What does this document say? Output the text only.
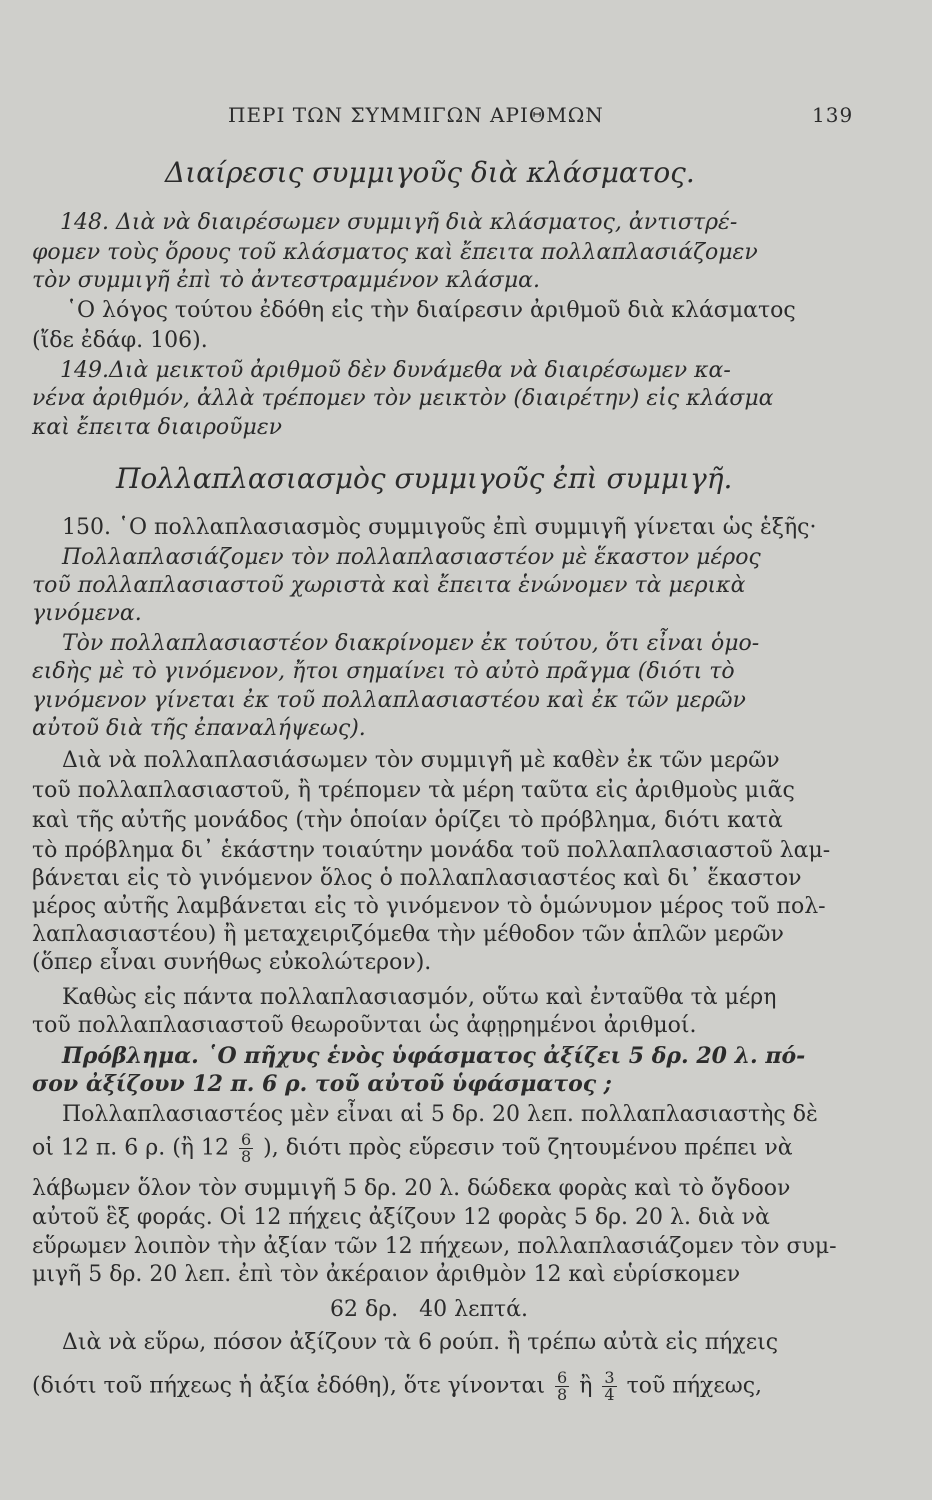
ΠΕΡΙ ΤΩΝ ΣΥΜΜΙΓΩΝ ΑΡΙΘΜΩΝ	139
Διαίρεσις συμμιγοῦς διὰ κλάσματος.
148. Διὰ νὰ διαιρέσωμεν συμμιγῆ διὰ κλάσματος, ἀντιστρέ-
φομεν τοὺς ὅρους τοῦ κλάσματος καὶ ἔπειτα πολλαπλασιάζομεν
τὸν συμμιγῆ ἐπὶ τὸ ἀντεστραμμένον κλάσμα.
῾Ο λόγος τούτου ἐδόθη εἰς τὴν διαίρεσιν ἀριθμοῦ διὰ κλάσματος
(ἴδε ἐδάφ. 106).
149.Διὰ μεικτοῦ ἀριθμοῦ δὲν δυνάμεθα νὰ διαιρέσωμεν κα-
νένα ἀριθμόν, ἀλλὰ τρέπομεν τὸν μεικτὸν (διαιρέτην) εἰς κλάσμα
καὶ ἔπειτα διαιροῦμεν
Πολλαπλασιασμὸς συμμιγοῦς ἐπὶ συμμιγῆ.
150. ῾Ο πολλαπλασιασμὸς συμμιγοῦς ἐπὶ συμμιγῆ γίνεται ὡς ἑξῆς·
Πολλαπλασιάζομεν τὸν πολλαπλασιαστέον μὲ ἕκαστον μέρος
τοῦ πολλαπλασιαστοῦ χωριστὰ καὶ ἔπειτα ἑνώνομεν τὰ μερικὰ
γινόμενα.
Τὸν πολλαπλασιαστέον διακρίνομεν ἐκ τούτου, ὅτι εἶναι ὁμο-
ειδὴς μὲ τὸ γινόμενον, ἤτοι σημαίνει τὸ αὐτὸ πρᾶγμα (διότι τὸ
γινόμενον γίνεται ἐκ τοῦ πολλαπλασιαστέου καὶ ἐκ τῶν μερῶν
αὐτοῦ διὰ τῆς ἐπαναλήψεως).
Διὰ νὰ πολλαπλασιάσωμεν τὸν συμμιγῆ μὲ καθὲν ἐκ τῶν μερῶν
τοῦ πολλαπλασιαστοῦ, ἢ τρέπομεν τὰ μέρη ταῦτα εἰς ἀριθμοὺς μιᾶς
καὶ τῆς αὐτῆς μονάδος (τὴν ὁποίαν ὁρίζει τὸ πρόβλημα, διότι κατὰ
τὸ πρόβλημα δι᾽ ἑκάστην τοιαύτην μονάδα τοῦ πολλαπλασιαστοῦ λαμ-
βάνεται εἰς τὸ γινόμενον ὅλος ὁ πολλαπλασιαστέος καὶ δι᾽ ἕκαστον
μέρος αὐτῆς λαμβάνεται εἰς τὸ γινόμενον τὸ ὁμώνυμον μέρος τοῦ πολ-
λαπλασιαστέου) ἢ μεταχειριζόμεθα τὴν μέθοδον τῶν ἁπλῶν μερῶν
(ὅπερ εἶναι συνήθως εὐκολώτερον).
Καθὼς εἰς πάντα πολλαπλασιασμόν, οὕτω καὶ ἐνταῦθα τὰ μέρη
τοῦ πολλαπλασιαστοῦ θεωροῦνται ὡς ἀφῃρημένοι ἀριθμοί.
Πρόβλημα. ῾Ο πῆχυς ἑνὸς ὑφάσματος ἀξίζει 5 δρ. 20 λ. πό-
σον ἀξίζουν 12 π. 6 ρ. τοῦ αὐτοῦ ὑφάσματος ;
Πολλαπλασιαστέος μὲν εἶναι αἱ 5 δρ. 20 λεπ. πολλαπλασιαστὴς δὲ
οἱ 12 π. 6 ρ. (ἢ $12 \frac{6}{8}$ ), διότι πρὸς εὕρεσιν τοῦ ζητουμένου πρέπει νὰ
λάβωμεν ὅλον τὸν συμμιγῆ 5 δρ. 20 λ. δώδεκα φορὰς καὶ τὸ ὄγδοον
αὐτοῦ ἓξ φοράς. Οἱ 12 πήχεις ἀξίζουν 12 φορὰς 5 δρ. 20 λ. διὰ νὰ
εὕρωμεν λοιπὸν τὴν ἀξίαν τῶν 12 πήχεων, πολλαπλασιάζομεν τὸν συμ-
μιγῆ 5 δρ. 20 λεπ. ἐπὶ τὸν ἀκέραιον ἀριθμὸν 12 καὶ εὑρίσκομεν
62 δρ.   40 λεπτά.
Διὰ νὰ εὕρω, πόσον ἀξίζουν τὰ 6 ρούπ. ἢ τρέπω αὐτὰ εἰς πήχεις
(διότι τοῦ πήχεως ἡ ἀξία ἐδόθη), ὅτε γίνονται $\frac{6}{8}$ ἢ $\frac{3}{4}$ τοῦ πήχεως,
